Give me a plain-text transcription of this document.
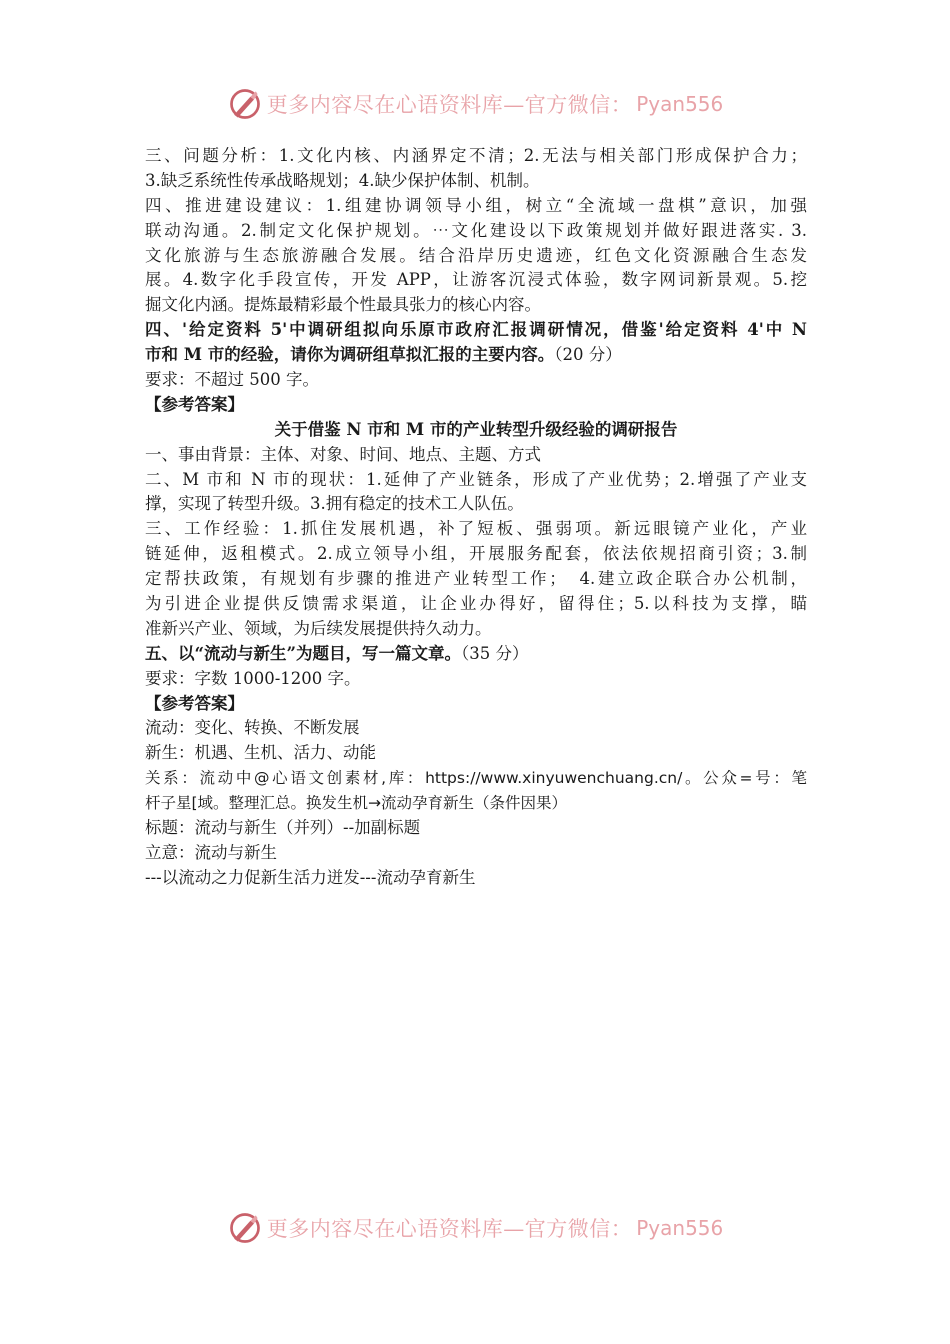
更多内容尽在心语资料库—官方微信： Pyan556
三、问题分析：1.文化内核、内涵界定不清；2.无法与相关部门形成保护合力；
3.缺乏系统性传承战略规划；4.缺少保护体制、机制。
四、推进建设建议：1.组建协调领导小组，树立“全流域一盘棋”意识，加强
联动沟通。2.制定文化保护规划。⋯文化建设以下政策规划并做好跟进落实. 3.
文化旅游与生态旅游融合发展。结合沿岸历史遗迹，红色文化资源融合生态发
展。4.数字化手段宣传，开发 APP，让游客沉浸式体验，数字网词新景观。5.挖
掘文化内涵。提炼最精彩最个性最具张力的核心内容。
四、'给定资料 5'中调研组拟向乐原市政府汇报调研情况，借鉴'给定资料 4'中 N
市和 M 市的经验，请你为调研组草拟汇报的主要内容。（20 分）
要求：不超过 500 字。
【参考答案】
关于借鉴 N 市和 M 市的产业转型升级经验的调研报告
一、事由背景：主体、对象、时间、地点、主题、方式
二、M 市和 N 市的现状：1.延伸了产业链条，形成了产业优势；2.增强了产业支
撑，实现了转型升级。3.拥有稳定的技术工人队伍。
三、工作经验：1.抓住发展机遇，补了短板、强弱项。新远眼镜产业化，产业
链延伸，返租模式。2.成立领导小组，开展服务配套，依法依规招商引资；3.制
定帮扶政策，有规划有步骤的推进产业转型工作；　4.建立政企联合办公机制，
为引进企业提供反馈需求渠道，让企业办得好，留得住；5.以科技为支撑，瞄
准新兴产业、领域，为后续发展提供持久动力。
五、以“流动与新生”为题目，写一篇文章。（35 分）
要求：字数 1000-1200 字。
【参考答案】
流动：变化、转换、不断发展
新生：机遇、生机、活力、动能
关系：流动中@心语文创素材,库：https://www.xinyuwenchuang.cn/。公众=号：笔
杆子星[域。整理汇总。换发生机→流动孕育新生（条件因果）
标题：流动与新生（并列）--加副标题
立意：流动与新生
---以流动之力促新生活力迸发---流动孕育新生
更多内容尽在心语资料库—官方微信： Pyan556
